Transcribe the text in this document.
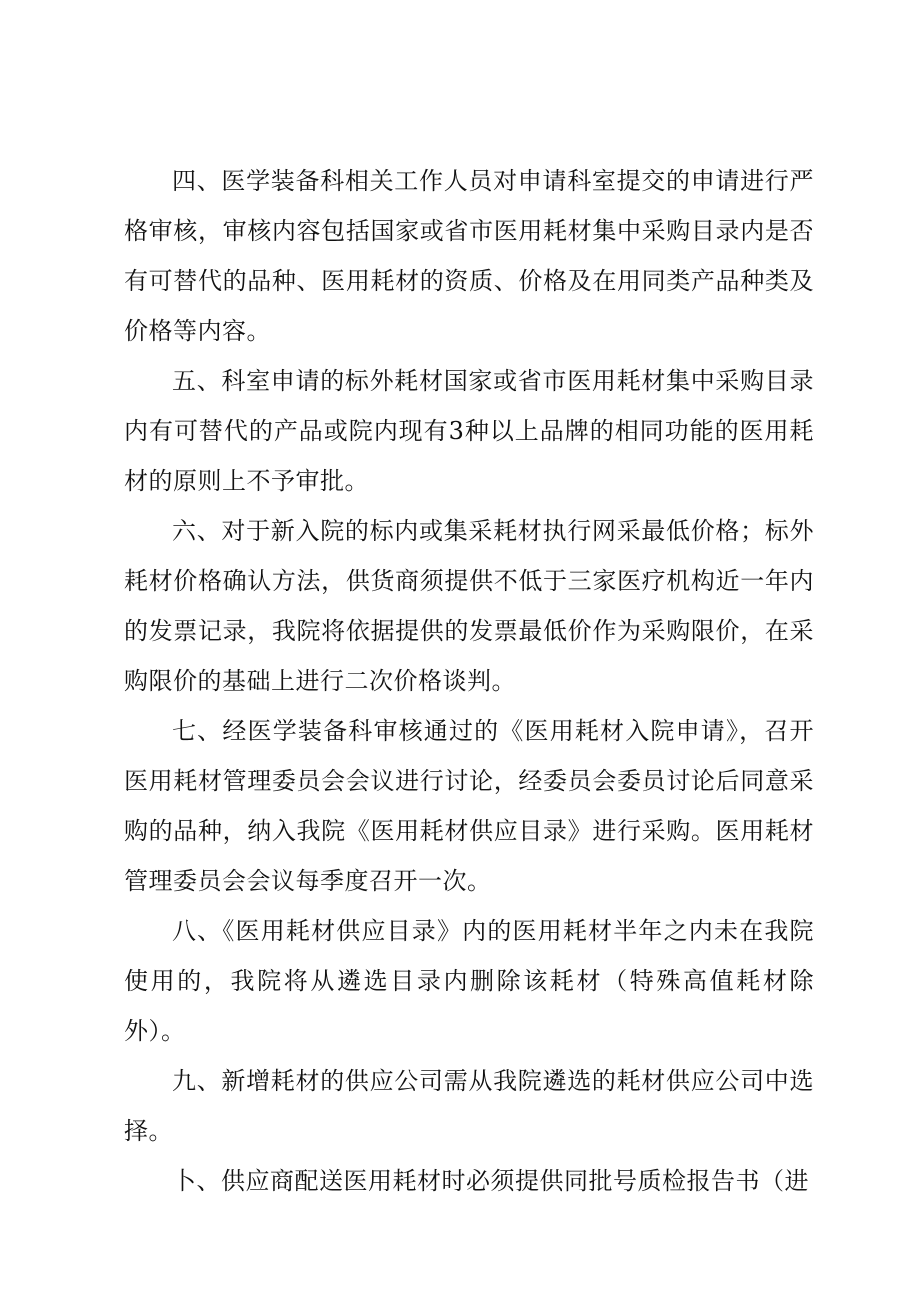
四、医学装备科相关工作人员对申请科室提交的申请进行严格审核，审核内容包括国家或省市医用耗材集中采购目录内是否有可替代的品种、医用耗材的资质、价格及在用同类产品种类及价格等内容。

五、科室申请的标外耗材国家或省市医用耗材集中采购目录内有可替代的产品或院内现有3种以上品牌的相同功能的医用耗材的原则上不予审批。

六、对于新入院的标内或集采耗材执行网采最低价格；标外耗材价格确认方法，供货商须提供不低于三家医疗机构近一年内的发票记录，我院将依据提供的发票最低价作为采购限价，在采购限价的基础上进行二次价格谈判。

七、经医学装备科审核通过的《医用耗材入院申请》，召开医用耗材管理委员会会议进行讨论，经委员会委员讨论后同意采购的品种，纳入我院《医用耗材供应目录》进行采购。医用耗材管理委员会会议每季度召开一次。

八、《医用耗材供应目录》内的医用耗材半年之内未在我院使用的，我院将从遴选目录内删除该耗材（特殊高值耗材除外）。

九、新增耗材的供应公司需从我院遴选的耗材供应公司中选择。

卜、供应商配送医用耗材时必须提供同批号质检报告书（进
